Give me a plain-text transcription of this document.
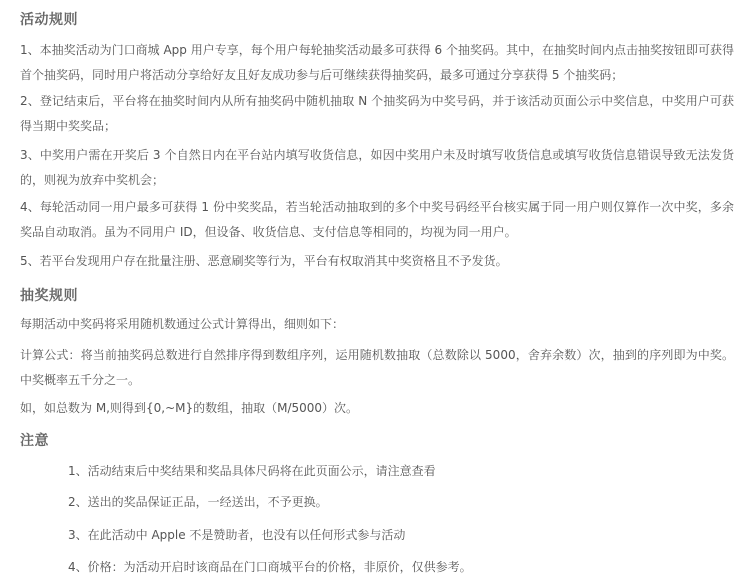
活动规则
1、本抽奖活动为门口商城 App 用户专享，每个用户每轮抽奖活动最多可获得 6 个抽奖码。其中，在抽奖时间内点击抽奖按钮即可获得首个抽奖码，同时用户将活动分享给好友且好友成功参与后可继续获得抽奖码，最多可通过分享获得 5 个抽奖码；
2、登记结束后，平台将在抽奖时间内从所有抽奖码中随机抽取 N 个抽奖码为中奖号码，并于该活动页面公示中奖信息，中奖用户可获得当期中奖奖品；
3、中奖用户需在开奖后 3 个自然日内在平台站内填写收货信息，如因中奖用户未及时填写收货信息或填写收货信息错误导致无法发货的，则视为放弃中奖机会；
4、每轮活动同一用户最多可获得 1 份中奖奖品，若当轮活动抽取到的多个中奖号码经平台核实属于同一用户则仅算作一次中奖，多余奖品自动取消。虽为不同用户 ID，但设备、收货信息、支付信息等相同的，均视为同一用户。
5、若平台发现用户存在批量注册、恶意刷奖等行为，平台有权取消其中奖资格且不予发货。
抽奖规则
每期活动中奖码将采用随机数通过公式计算得出，细则如下：
计算公式：将当前抽奖码总数进行自然排序得到数组序列，运用随机数抽取（总数除以 5000，舍弃余数）次，抽到的序列即为中奖。中奖概率五千分之一。
如，如总数为 M,则得到{0,~M}的数组，抽取（M/5000）次。
注意
1、活动结束后中奖结果和奖品具体尺码将在此页面公示，请注意查看
2、送出的奖品保证正品，一经送出，不予更换。
3、在此活动中 Apple 不是赞助者，也没有以任何形式参与活动
4、价格：为活动开启时该商品在门口商城平台的价格，非原价，仅供参考。
